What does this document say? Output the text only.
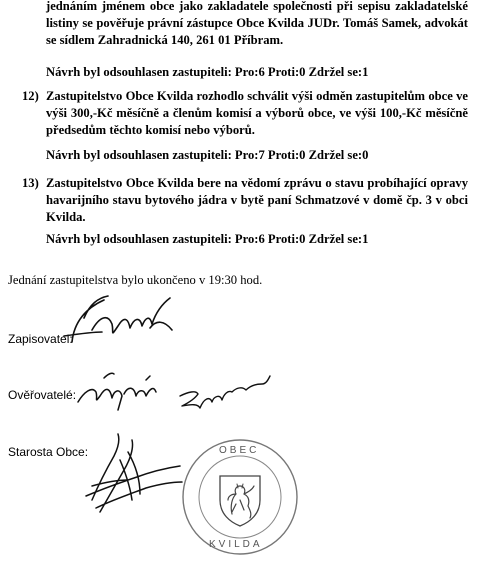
jednáním jménem obce jako zakladatele společnosti při sepisu zakladatelské listiny se pověřuje právní zástupce Obce Kvilda JUDr. Tomáš Samek, advokát se sídlem Zahradnická 140, 261 01 Příbram.
Návrh byl odsouhlasen zastupiteli: Pro:6 Proti:0 Zdržel se:1
12) Zastupitelstvo Obce Kvilda rozhodlo schválit výši odměn zastupitelům obce ve výši 300,-Kč měsíčně a členům komisí a výborů obce, ve výši 100,-Kč měsíčně předsedům těchto komisí nebo výborů.
Návrh byl odsouhlasen zastupiteli: Pro:7 Proti:0 Zdržel se:0
13) Zastupitelstvo Obce Kvilda bere na vědomí zprávu o stavu probíhající opravy havarijního stavu bytového jádra v bytě paní Schmatzové v domě čp. 3 v obci Kvilda.
Návrh byl odsouhlasen zastupiteli: Pro:6 Proti:0 Zdržel se:1
Jednání zastupitelstva bylo ukončeno v 19:30 hod.
Zapisovatel:
Ověřovatelé:
Starosta Obce:	OBEC
KVILDA
